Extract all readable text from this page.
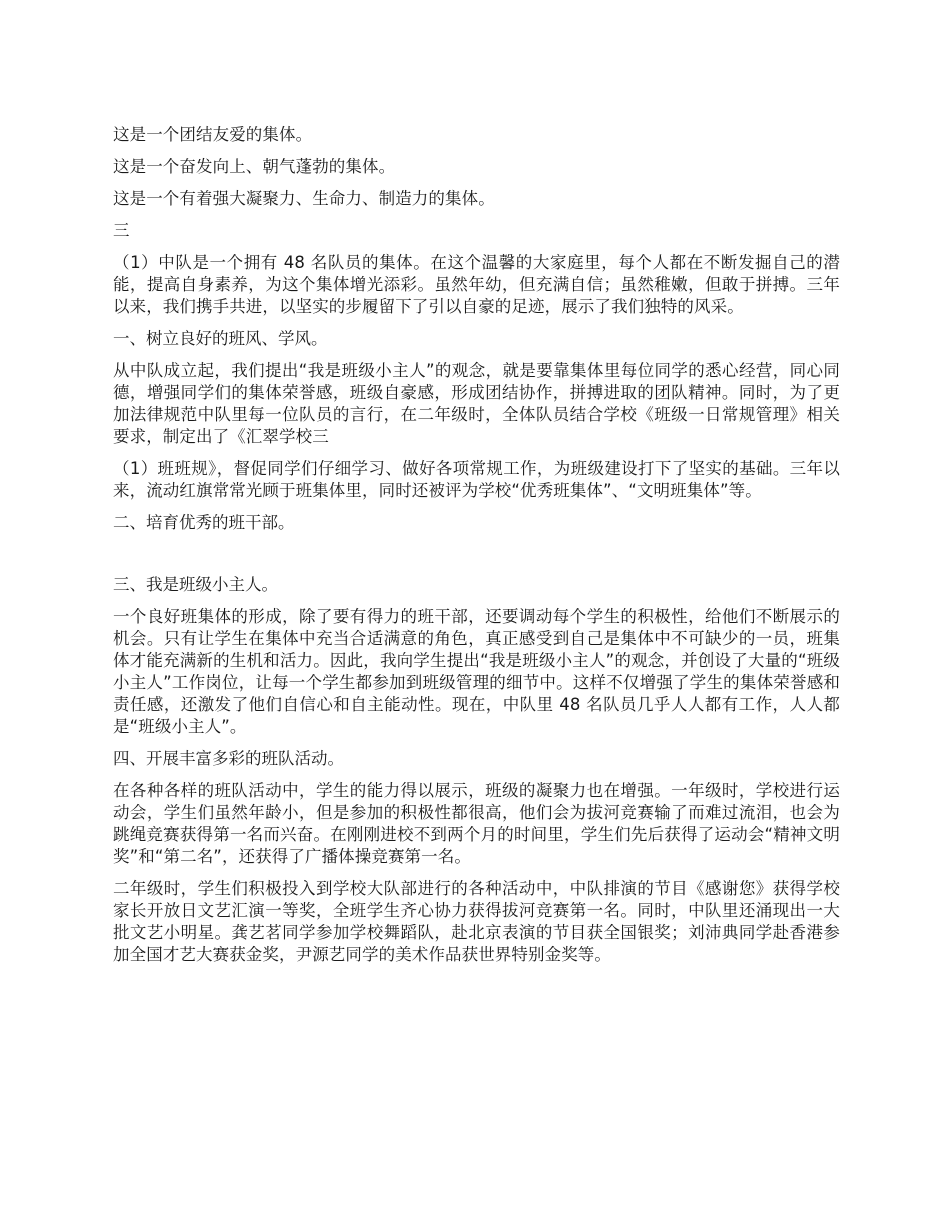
这是一个团结友爱的集体。

这是一个奋发向上、朝气蓬勃的集体。

这是一个有着强大凝聚力、生命力、制造力的集体。

三

（1）中队是一个拥有 48 名队员的集体。在这个温馨的大家庭里，每个人都在不断发掘自己的潜能，提高自身素养，为这个集体增光添彩。虽然年幼，但充满自信；虽然稚嫩，但敢于拼搏。三年以来，我们携手共进，以坚实的步履留下了引以自豪的足迹，展示了我们独特的风采。

一、树立良好的班风、学风。

从中队成立起，我们提出“我是班级小主人”的观念，就是要靠集体里每位同学的悉心经营，同心同德，增强同学们的集体荣誉感，班级自豪感，形成团结协作，拼搏进取的团队精神。同时，为了更加法律规范中队里每一位队员的言行，在二年级时，全体队员结合学校《班级一日常规管理》相关要求，制定出了《汇翠学校三

（1）班班规》，督促同学们仔细学习、做好各项常规工作，为班级建设打下了坚实的基础。三年以来，流动红旗常常光顾于班集体里，同时还被评为学校“优秀班集体”、“文明班集体”等。

二、培育优秀的班干部。

三、我是班级小主人。

一个良好班集体的形成，除了要有得力的班干部，还要调动每个学生的积极性，给他们不断展示的机会。只有让学生在集体中充当合适满意的角色，真正感受到自己是集体中不可缺少的一员，班集体才能充满新的生机和活力。因此，我向学生提出“我是班级小主人”的观念，并创设了大量的“班级小主人”工作岗位，让每一个学生都参加到班级管理的细节中。这样不仅增强了学生的集体荣誉感和责任感，还激发了他们自信心和自主能动性。现在，中队里 48 名队员几乎人人都有工作，人人都是“班级小主人”。

四、开展丰富多彩的班队活动。

在各种各样的班队活动中，学生的能力得以展示，班级的凝聚力也在增强。一年级时，学校进行运动会，学生们虽然年龄小，但是参加的积极性都很高，他们会为拔河竞赛输了而难过流泪，也会为跳绳竞赛获得第一名而兴奋。在刚刚进校不到两个月的时间里，学生们先后获得了运动会“精神文明奖”和“第二名”，还获得了广播体操竞赛第一名。

二年级时，学生们积极投入到学校大队部进行的各种活动中，中队排演的节目《感谢您》获得学校家长开放日文艺汇演一等奖，全班学生齐心协力获得拔河竞赛第一名。同时，中队里还涌现出一大批文艺小明星。龚艺茗同学参加学校舞蹈队，赴北京表演的节目获全国银奖；刘沛典同学赴香港参加全国才艺大赛获金奖，尹源艺同学的美术作品获世界特别金奖等。
